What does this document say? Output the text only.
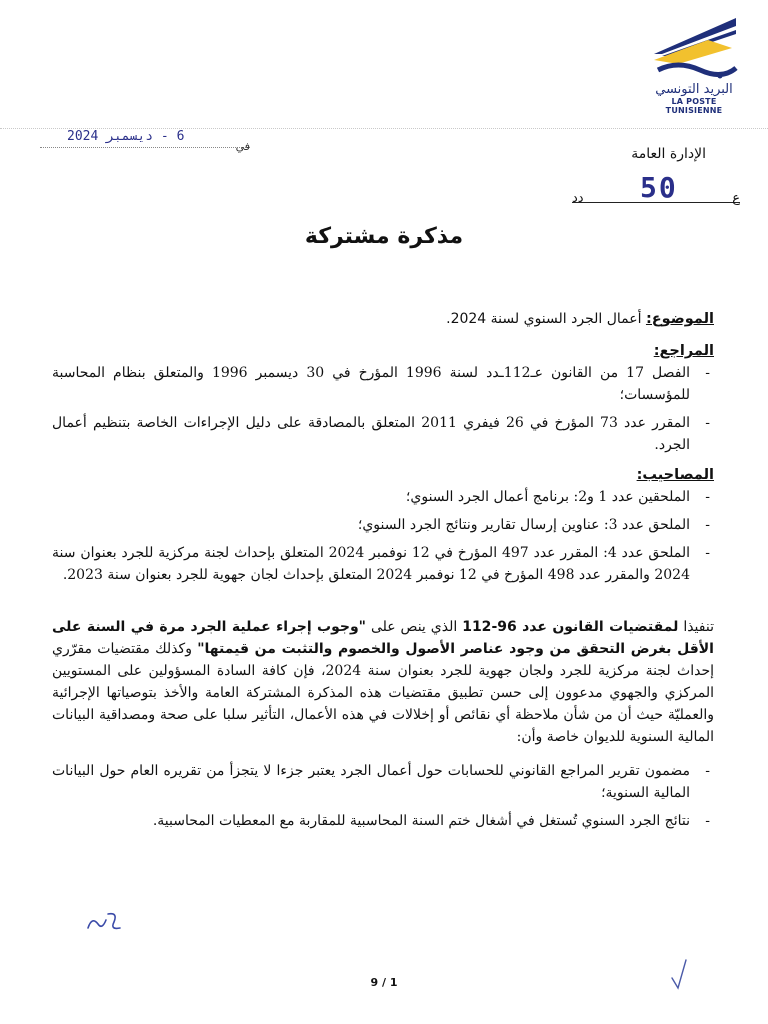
البريد التونسي
LA POSTE TUNISIENNE
في
6 - ديسمبر 2024
الإدارة العامة
ع
دد 50
مذكرة مشتركة
الموضوع: أعمال الجرد السنوي لسنة 2024.
المراجع:
- الفصل 17 من القانون عـ112ـدد لسنة 1996 المؤرخ في 30 ديسمبر 1996 والمتعلق بنظام المحاسبة للمؤسسات؛
- المقرر عدد 73 المؤرخ في 26 فيفري 2011 المتعلق بالمصادقة على دليل الإجراءات الخاصة بتنظيم أعمال الجرد.
المصاحيب:
- الملحقين عدد 1 و2: برنامج أعمال الجرد السنوي؛
- الملحق عدد 3: عناوين إرسال تقارير ونتائج الجرد السنوي؛
- الملحق عدد 4: المقرر عدد 497 المؤرخ في 12 نوفمبر 2024 المتعلق بإحداث لجنة مركزية للجرد بعنوان سنة 2024 والمقرر عدد 498 المؤرخ في 12 نوفمبر 2024 المتعلق بإحداث لجان جهوية للجرد بعنوان سنة 2023.
تنفيذا لمقتضيات القانون عدد 96-112 الذي ينص على "وجوب إجراء عملية الجرد مرة في السنة على الأقل بغرض التحقق من وجود عناصر الأصول والخصوم والتثبت من قيمتها" وكذلك مقتضيات مقرّري إحداث لجنة مركزية للجرد ولجان جهوية للجرد بعنوان سنة 2024، فإن كافة السادة المسؤولين على المستويين المركزي والجهوي مدعوون إلى حسن تطبيق مقتضيات هذه المذكرة المشتركة العامة والأخذ بتوصياتها الإجرائية والعمليّة حيث أن من شأن ملاحظة أي نقائص أو إخلالات في هذه الأعمال، التأثير سلبا على صحة ومصداقية البيانات المالية السنوية للديوان خاصة وأن:
- مضمون تقرير المراجع القانوني للحسابات حول أعمال الجرد يعتبر جزءا لا يتجزأ من تقريره العام حول البيانات المالية السنوية؛
- نتائج الجرد السنوي تُستغل في أشغال ختم السنة المحاسبية للمقاربة مع المعطيات المحاسبية.
9 / 1
